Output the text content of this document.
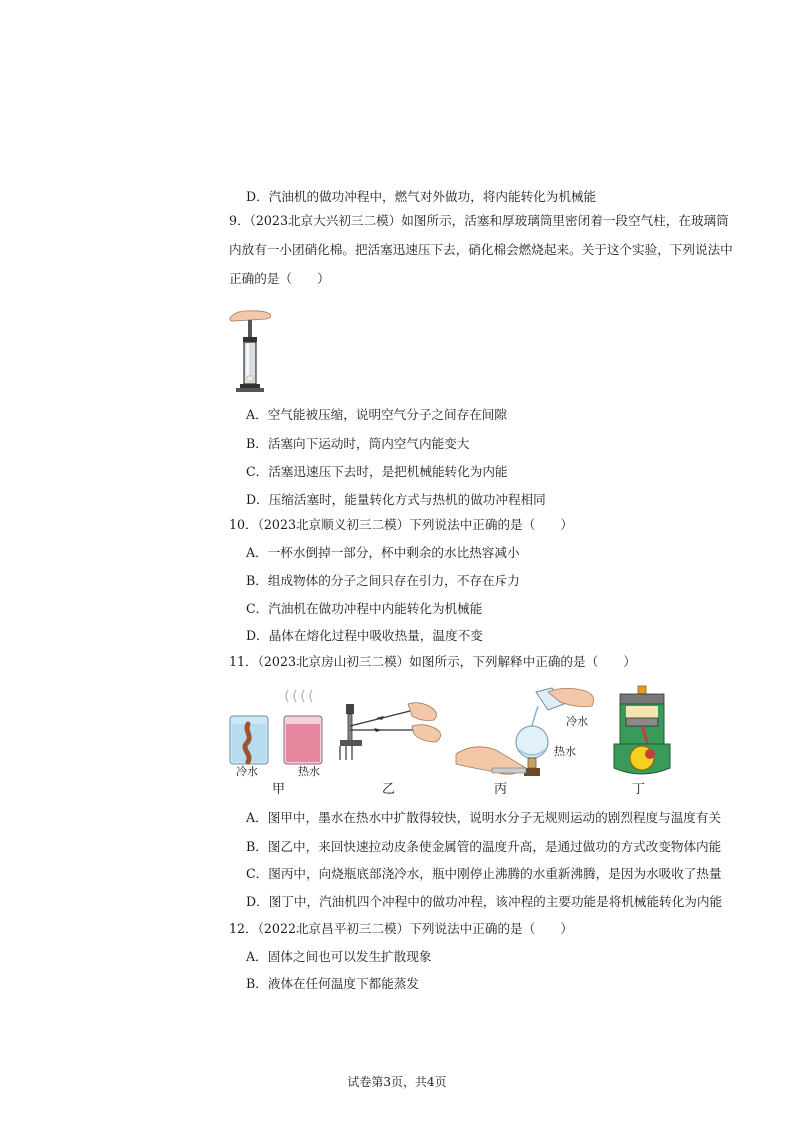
D．汽油机的做功冲程中，燃气对外做功，将内能转化为机械能
9．（2023北京大兴初三二模）如图所示，活塞和厚玻璃筒里密闭着一段空气柱，在玻璃筒
内放有一小团硝化棉。把活塞迅速压下去，硝化棉会燃烧起来。关于这个实验，下列说法中
正确的是（　　）
A．空气能被压缩，说明空气分子之间存在间隙
B．活塞向下运动时，筒内空气内能变大
C．活塞迅速压下去时，是把机械能转化为内能
D．压缩活塞时，能量转化方式与热机的做功冲程相同
10．（2023北京顺义初三二模）下列说法中正确的是（　　）
A．一杯水倒掉一部分，杯中剩余的水比热容减小
B．组成物体的分子之间只存在引力，不存在斥力
C．汽油机在做功冲程中内能转化为机械能
D．晶体在熔化过程中吸收热量，温度不变
11．（2023北京房山初三二模）如图所示，下列解释中正确的是（　　）
冷水	热水
甲	乙
冷水
热水
丙	丁
A．图甲中，墨水在热水中扩散得较快，说明水分子无规则运动的剧烈程度与温度有关
B．图乙中，来回快速拉动皮条使金属管的温度升高，是通过做功的方式改变物体内能
C．图丙中，向烧瓶底部浇冷水，瓶中刚停止沸腾的水重新沸腾，是因为水吸收了热量
D．图丁中，汽油机四个冲程中的做功冲程，该冲程的主要功能是将机械能转化为内能
12．（2022北京昌平初三二模）下列说法中正确的是（　　）
A．固体之间也可以发生扩散现象
B．液体在任何温度下都能蒸发
试卷第3页，共4页
